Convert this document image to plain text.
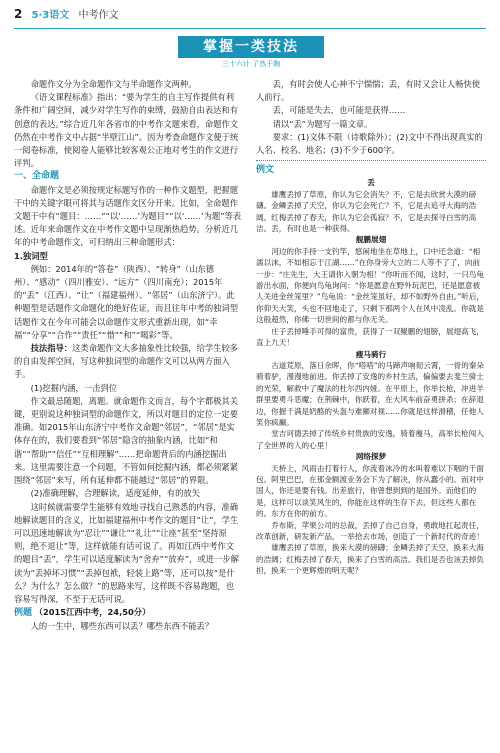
2 5·3语文 中考作文
掌握一类技法
三十六计 了然于胸

命题作文分为全命题作文与半命题作文两种。

《语文课程标准》指出：“要为学生的自主写作提供有利条件和广阔空间，减少对学生写作的束缚，鼓励自由表达和有创意的表达。”综合近几年各省市的中考作文题来看，命题作文仍然在中考作文中占据“半壁江山”。因为考查命题作文便于统一阅卷标准，使阅卷人能够比较客观公正地对考生的作文进行评判。

一、全命题

命题作文是必须按规定标题写作的一种作文题型，把握题干中的关键字眼可将其与话题作文区分开来。比如，全命题作文题干中有“题目：……”“以‘……’为题目”“以‘……’为题”等表述。近年来命题作文在中考作文题中呈现渐热趋势。分析近几年的中考命题作文，可归纳出三种命题形式：

1.独词型

例如：2014年的“答卷”（陕西）、“转身”（山东德州）、“感动”（四川雅安）、“远方”（四川南充）；2015年的“丢”（江西）、“让”（福建福州）、“邻居”（山东济宁）。此种题型是话题作文命题化的绝好佐证，而且往年中考的独词型话题作文在今年可能会以命题作文形式重新出现，如“幸福”“分享”“合作”“责任”“惜”“和”“喝彩”等。

技法指导：这类命题作文大多抽象性比较强，给学生较多的自由发挥空间，写这种独词型的命题作文可以从两方面入手。

(1)挖掘内涵，一击到位

作文最忌随题，离题。就命题作文而言，每个字都极其关键，更别说这种独词型的命题作文，所以对题目的定位一定要准确。如2015年山东济宁中考作文命题“邻居”，“邻居”是实体存在的，我们要看到“邻居”隐含的抽象内涵，比如“和谐”“帮助”“信任”“互相理解”……把命题背后的内涵挖掘出来。这里需要注意一个问题，不管如何挖掘内涵，都必须紧紧围绕“邻居”来写，所有延伸都不能越过“邻居”的界限。

(2)准确理解，合理解读，适度延伸，有的放矢

这时候就需要学生能够有效地寻找自己熟悉的内容，准确地解读题目的含义，比如福建福州中考作文的题目“让”，学生可以迅速地解读为“忍让”“谦让”“礼让”“让座”甚至“坚持原则，绝不退让”等，这样就能有话可说了。再如江西中考作文的题目“丢”，学生可以适度解读为“舍弃”“放弃”，或进一步解读为“丢掉坏习惯”“丢掉包袱，轻装上路”等，还可以按“是什么？为什么？怎么做？”的思路来写，这样既不容易跑题，也容易写得深，不至于无话可说。

例题 （2015江西中考，24,50分）

人的一生中，哪些东西可以丢？哪些东西不能丢？

丢，有时会使人心神不宁惴惴；丢，有时又会让人畅快使人前行。

丢，可能是失去，也可能是获得……

请以“丢”为题写一篇文章。

要求：(1)文体不限（诗歌除外）；(2)文中不得出现真实的人名、校名、地名；(3)不少于600字。

例文

丢

雄鹰丢掉了草原，你认为它会消失？不，它是去欣赏大漠的磅礴。金鳞丢掉了天空，你认为它会死亡？不，它是去追寻大海的浩阔。红梅丢掉了春天，你认为它会孤寂？不，它是去探寻白雪的高洁。丢，有时也是一种获得。

舰鹏展翅

河边的你手持一支钓竿，悠闲地坐在草地上，口中还念道：“相濡以沫，不如相忘于江湖……”在你身旁大立的二人等不了了，向前一步：“庄先生，大王请你入朝为相！”你听而不闻，这时，一只鸟龟游出水面，你便向鸟龟询问：“你是愿意在野外玩泥巴，还是愿意被人关进金丝笼里？”鸟龟说：“金丝笼虽好，却不如野外自由。”听后，你仰天大笑，头也不回地走了，只剩下那两个人在风中凌乱。你就是这般超然，你佛一切世间的都与你无关。

庄子丢掉唾手可得的富贵，获得了一双鲲鹏的翅膀，展翅高飞，直上九天！

瘦马骑行

古道荒原，落日余晖，你“嗒嗒”的马蹄声响彻云霄，一骨的秦朵骑着驴，漫漫地前进。你丢掉了安逸的乡村生活，偏偏要去斐兰骑士的光荣，解救中了魔法的杜尔西内娅。在平原上，你举长枪，冲进羊群里要勇斗恶魔；在荆棘中，你跃着，在大风车前奋勇拼杀；在辞退边，你握千满是奶酪的头盔与难狮对视……你就是这样滑稽，任他人笑你疯癫。

堂吉诃德丢掉了传统乡村贵族的安逸，骑着瘦马，高举长枪闯入了全世界的人的心里！

网络探梦

天桥上，风雨击打着行人，你流着冰冷的水叫着难以下咽的干面包。阿里巴巴，在那金额渡业务会下为了解决，你从蠢小的。而对中国人，你还是要有钱。出差旅行，你曾想到到的是国外。而他们的是，这样可以谈笑风生的，你能在这样的生存下去，但这些人都在的。东方在你的前方。

乔布斯，苹果公司的总裁，丢掉了自己自身，勇敢地扛起责任，改革创新，研发新产品，一举拾去市场，创造了一个新时代的奇迹！

雄鹰丢掉了草原，换来大漠的磅礴；金鳞丢掉了天空，换来大海的浩阔；红梅丢掉了春天，换来了白雪的高洁。我们是否也该丢掉负担，换来一个更辉煌的明天呢？
